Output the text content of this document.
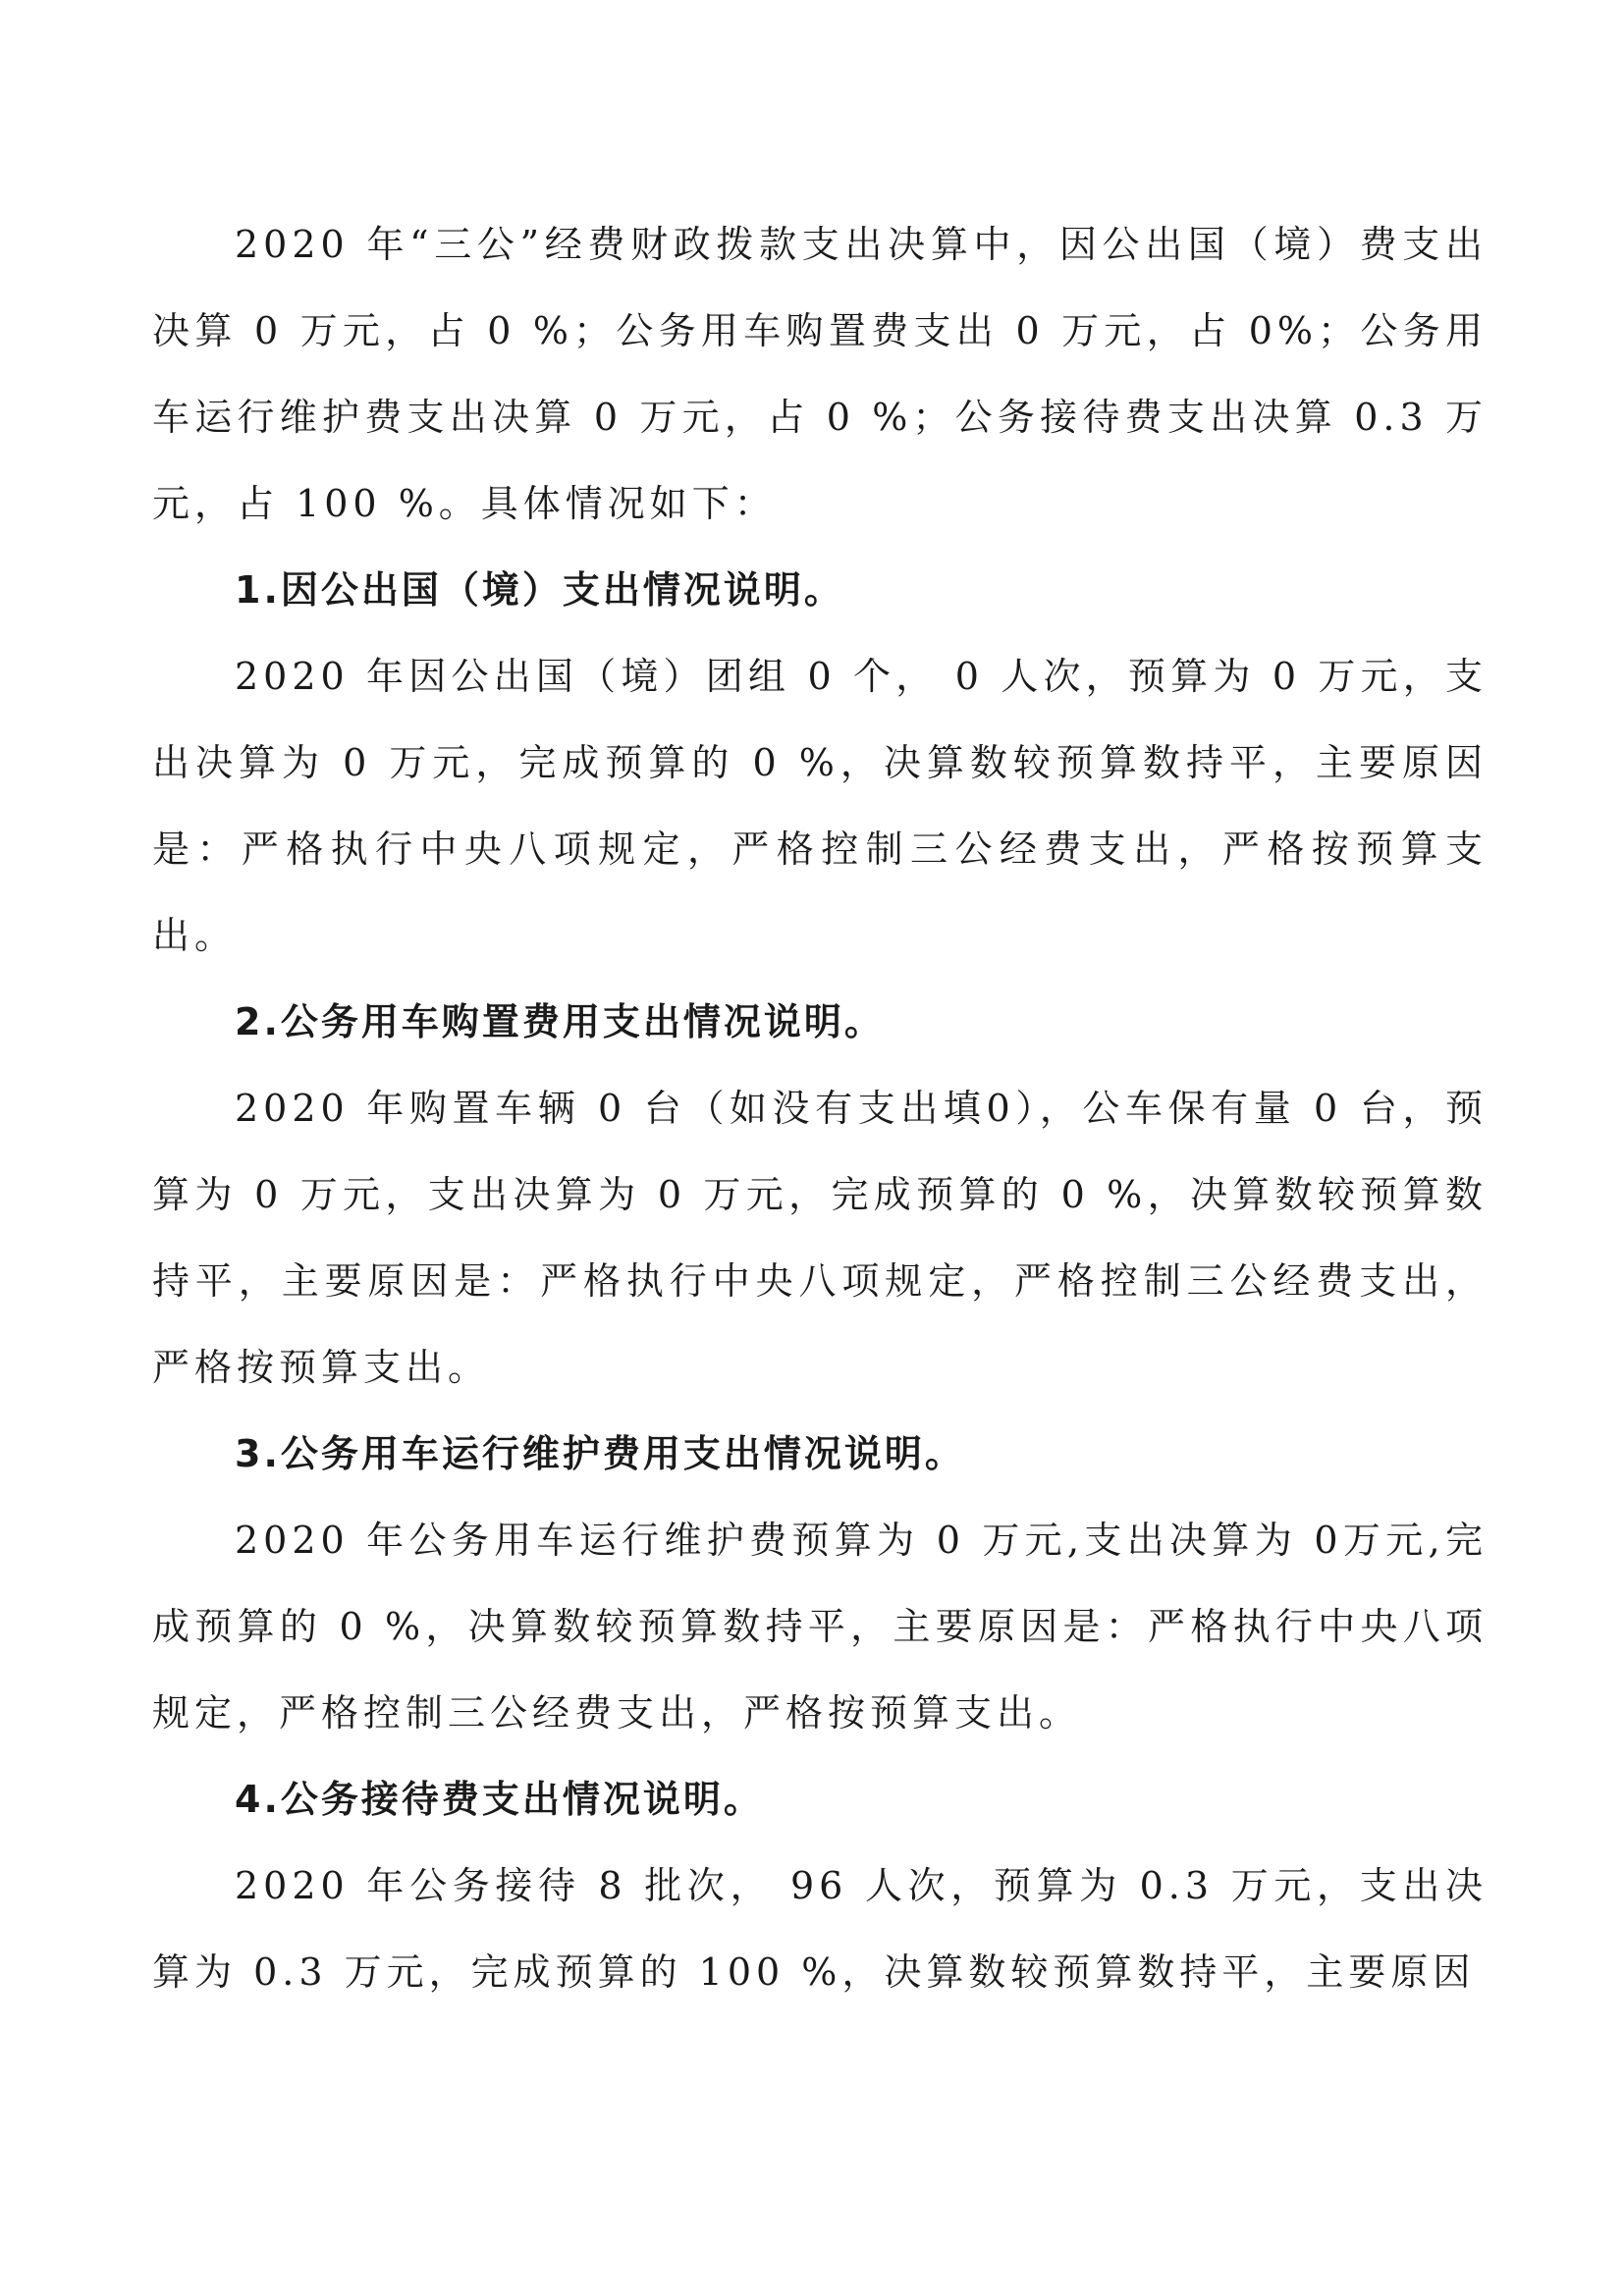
2020 年“三公”经费财政拨款支出决算中，因公出国（境）费支出决算 0 万元，占 0 %；公务用车购置费支出 0 万元，占 0%；公务用车运行维护费支出决算 0 万元，占 0 %；公务接待费支出决算 0.3 万元，占 100 %。具体情况如下：

1.因公出国（境）支出情况说明。

2020 年因公出国（境）团组 0 个， 0 人次，预算为 0 万元，支出决算为 0 万元，完成预算的 0 %，决算数较预算数持平，主要原因是：严格执行中央八项规定，严格控制三公经费支出，严格按预算支出。

2.公务用车购置费用支出情况说明。

2020 年购置车辆 0 台（如没有支出填0），公车保有量 0 台，预算为 0 万元，支出决算为 0 万元，完成预算的 0 %，决算数较预算数持平，主要原因是：严格执行中央八项规定，严格控制三公经费支出，严格按预算支出。

3.公务用车运行维护费用支出情况说明。

2020 年公务用车运行维护费预算为 0 万元,支出决算为 0万元,完成预算的 0 %，决算数较预算数持平，主要原因是：严格执行中央八项规定，严格控制三公经费支出，严格按预算支出。

4.公务接待费支出情况说明。

2020 年公务接待 8 批次， 96 人次，预算为 0.3 万元，支出决算为 0.3 万元，完成预算的 100 %，决算数较预算数持平，主要原因
